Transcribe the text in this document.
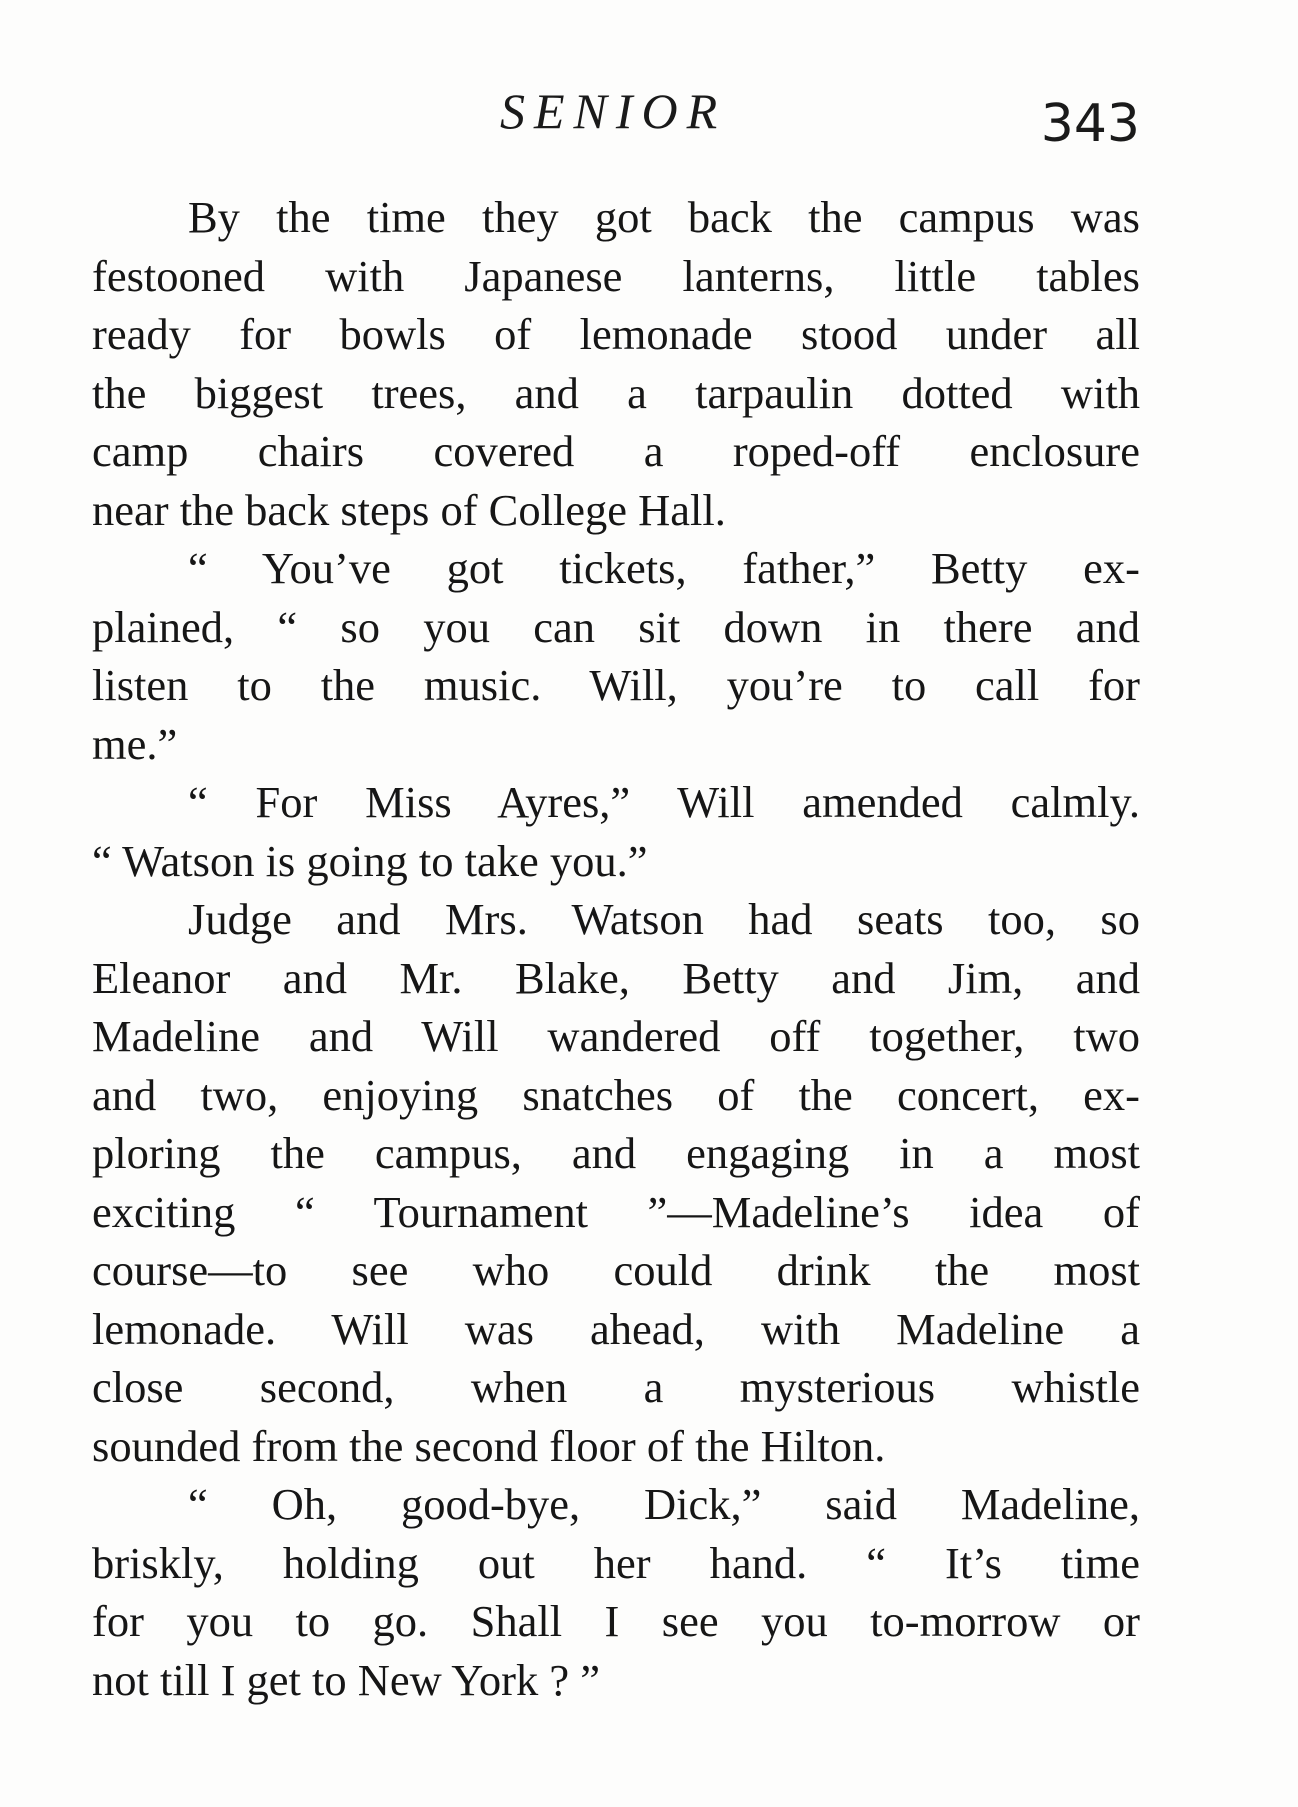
SENIOR	343
By the time they got back the campus was
festooned with Japanese lanterns, little tables
ready for bowls of lemonade stood under all
the biggest trees, and a tarpaulin dotted with
camp chairs covered a roped-off enclosure
near the back steps of College Hall.
“ You’ve got tickets, father,” Betty ex-
plained, “ so you can sit down in there and
listen to the music. Will, you’re to call for
me.”
“ For Miss Ayres,” Will amended calmly.
“ Watson is going to take you.”
Judge and Mrs. Watson had seats too, so
Eleanor and Mr. Blake, Betty and Jim, and
Madeline and Will wandered off together, two
and two, enjoying snatches of the concert, ex-
ploring the campus, and engaging in a most
exciting “ Tournament ”—Madeline’s idea of
course—to see who could drink the most
lemonade. Will was ahead, with Madeline a
close second, when a mysterious whistle
sounded from the second floor of the Hilton.
“ Oh, good-bye, Dick,” said Madeline,
briskly, holding out her hand. “ It’s time
for you to go. Shall I see you to-morrow or
not till I get to New York ? ”
